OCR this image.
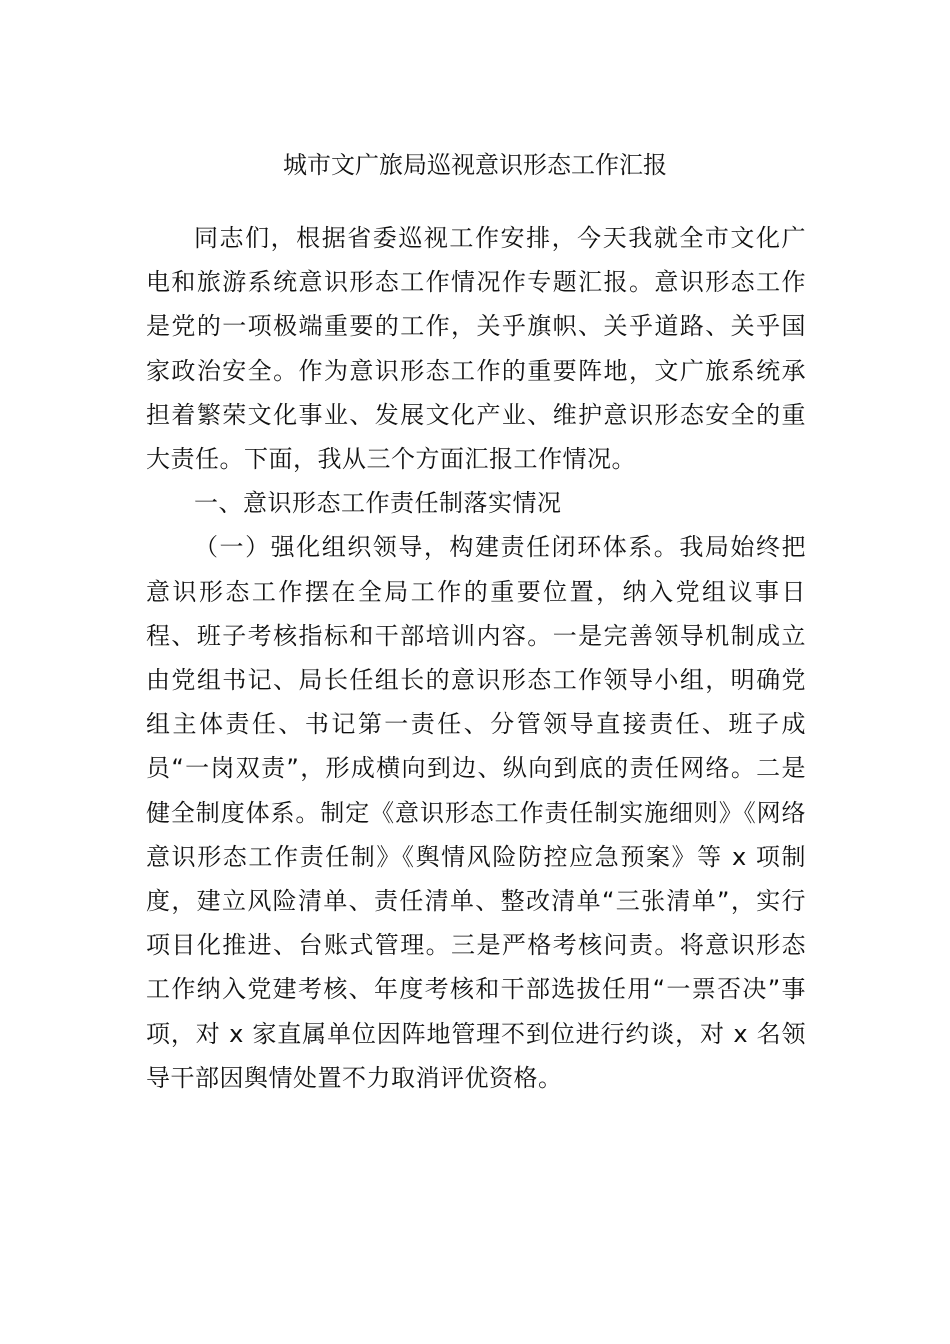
城市文广旅局巡视意识形态工作汇报

同志们，根据省委巡视工作安排，今天我就全市文化广电和旅游系统意识形态工作情况作专题汇报。意识形态工作是党的一项极端重要的工作，关乎旗帜、关乎道路、关乎国家政治安全。作为意识形态工作的重要阵地，文广旅系统承担着繁荣文化事业、发展文化产业、维护意识形态安全的重大责任。下面，我从三个方面汇报工作情况。

一、意识形态工作责任制落实情况

（一）强化组织领导，构建责任闭环体系。我局始终把意识形态工作摆在全局工作的重要位置，纳入党组议事日程、班子考核指标和干部培训内容。一是完善领导机制成立由党组书记、局长任组长的意识形态工作领导小组，明确党组主体责任、书记第一责任、分管领导直接责任、班子成员“一岗双责”，形成横向到边、纵向到底的责任网络。二是健全制度体系。制定《意识形态工作责任制实施细则》《网络意识形态工作责任制》《舆情风险防控应急预案》等 x 项制度，建立风险清单、责任清单、整改清单“三张清单”，实行项目化推进、台账式管理。三是严格考核问责。将意识形态工作纳入党建考核、年度考核和干部选拔任用“一票否决”事项，对 x 家直属单位因阵地管理不到位进行约谈，对 x 名领导干部因舆情处置不力取消评优资格。
